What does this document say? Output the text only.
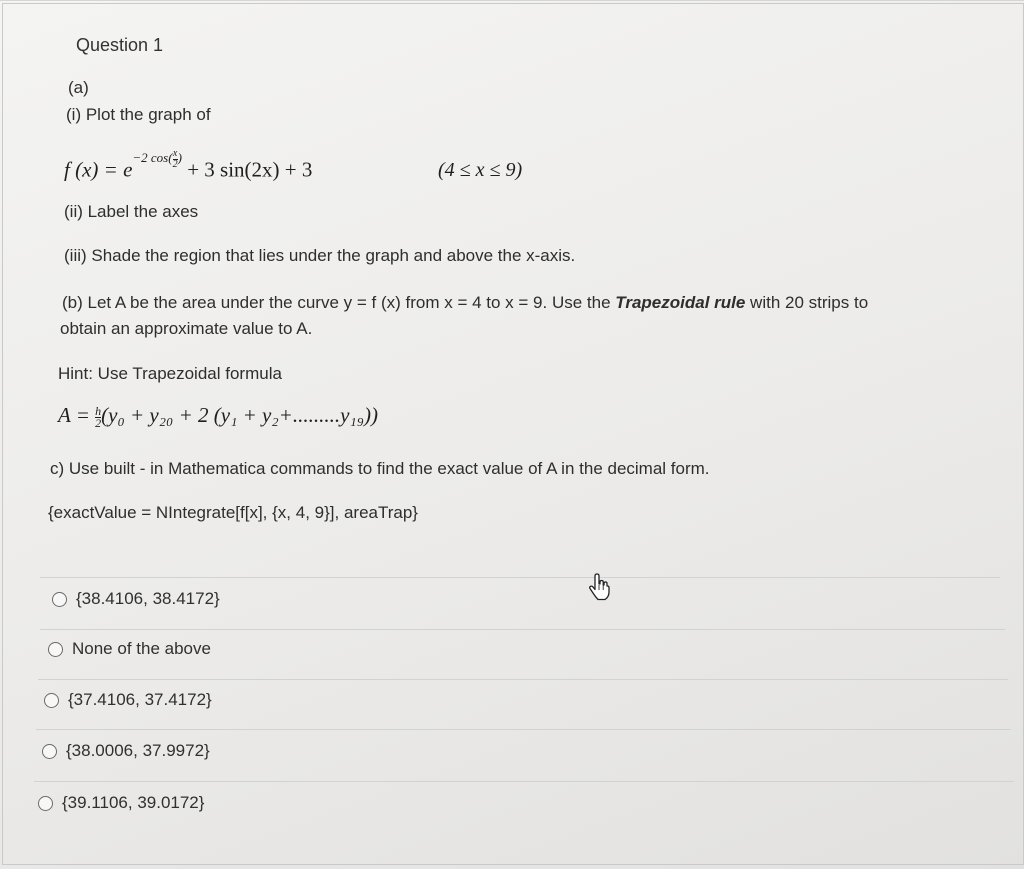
Question 1
(a)
(i) Plot the graph of
f $(x) = e^{-2 cos( \frac{x}{2} )} + 3$ sin(2x) + 3	(4 ≤ x ≤ 9)
(ii) Label the axes
(iii) Shade the region that lies under the graph and above the x-axis.
(b) Let A be the area under the curve y = f (x) from x = 4 to x = 9. Use the Trapezoidal rule with 20 strips to
obtain an approximate value to A.
Hint: Use Trapezoidal formula
$A = \frac{h}{2} (y_0 + y_{20} + 2$ (y₁ + y₂+.........y₁₉))
c) Use built - in Mathematica commands to find the exact value of A in the decimal form.
{exactValue = NIntegrate[f[x], {x, 4, 9}], areaTrap}
{38.4106, 38.4172}
None of the above
{37.4106, 37.4172}
{38.0006, 37.9972}
{39.1106, 39.0172}
